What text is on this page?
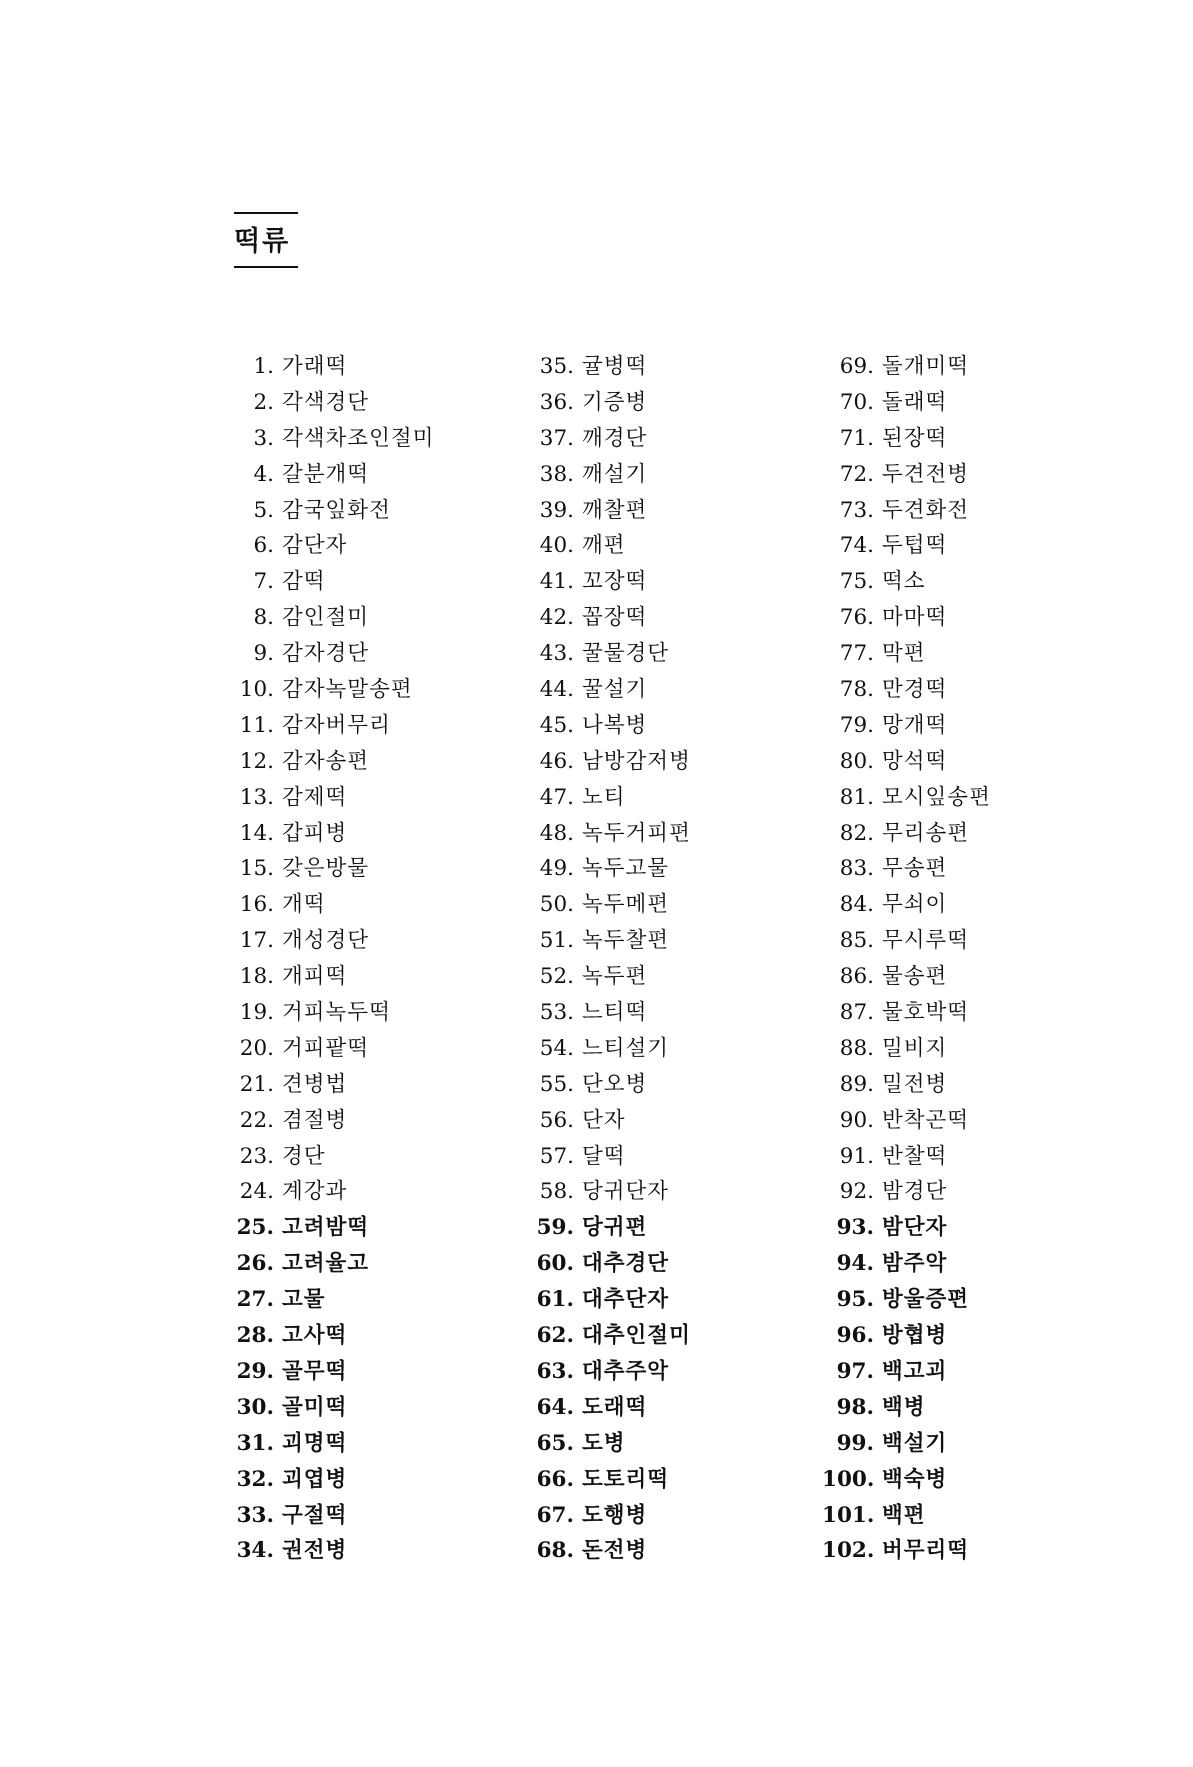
떡류
1. 가래떡
2. 각색경단
3. 각색차조인절미
4. 갈분개떡
5. 감국잎화전
6. 감단자
7. 감떡
8. 감인절미
9. 감자경단
10. 감자녹말송편
11. 감자버무리
12. 감자송편
13. 감제떡
14. 갑피병
15. 갖은방물
16. 개떡
17. 개성경단
18. 개피떡
19. 거피녹두떡
20. 거피팥떡
21. 견병법
22. 겸절병
23. 경단
24. 계강과
25. 고려밤떡
26. 고려율고
27. 고물
28. 고사떡
29. 골무떡
30. 골미떡
31. 괴명떡
32. 괴엽병
33. 구절떡
34. 권전병
35. 귤병떡
36. 기증병
37. 깨경단
38. 깨설기
39. 깨찰편
40. 깨편
41. 꼬장떡
42. 꼽장떡
43. 꿀물경단
44. 꿀설기
45. 나복병
46. 남방감저병
47. 노티
48. 녹두거피편
49. 녹두고물
50. 녹두메편
51. 녹두찰편
52. 녹두편
53. 느티떡
54. 느티설기
55. 단오병
56. 단자
57. 달떡
58. 당귀단자
59. 당귀편
60. 대추경단
61. 대추단자
62. 대추인절미
63. 대추주악
64. 도래떡
65. 도병
66. 도토리떡
67. 도행병
68. 돈전병
69. 돌개미떡
70. 돌래떡
71. 된장떡
72. 두견전병
73. 두견화전
74. 두텁떡
75. 떡소
76. 마마떡
77. 막편
78. 만경떡
79. 망개떡
80. 망석떡
81. 모시잎송편
82. 무리송편
83. 무송편
84. 무쇠이
85. 무시루떡
86. 물송편
87. 물호박떡
88. 밀비지
89. 밀전병
90. 반착곤떡
91. 반찰떡
92. 밤경단
93. 밤단자
94. 밤주악
95. 방울증편
96. 방협병
97. 백고괴
98. 백병
99. 백설기
100. 백숙병
101. 백편
102. 버무리떡
